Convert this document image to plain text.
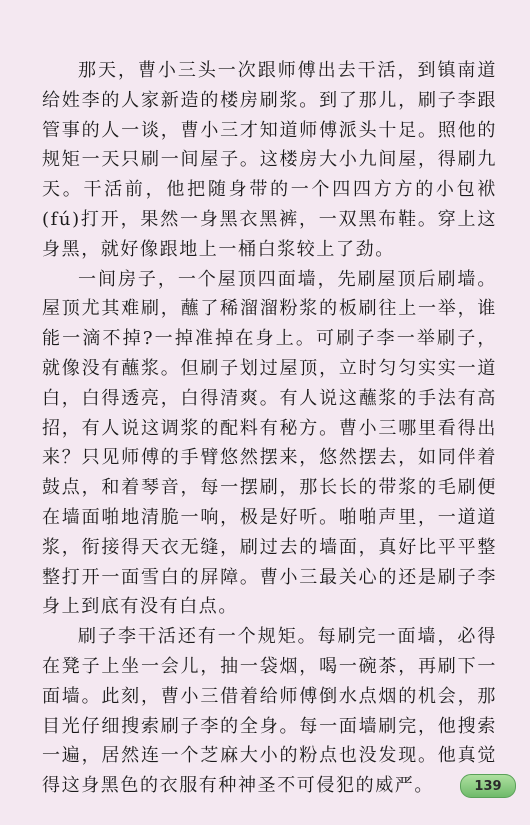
那天，曹小三头一次跟师傅出去干活，到镇南道给姓李的人家新造的楼房刷浆。到了那儿，刷子李跟管事的人一谈，曹小三才知道师傅派头十足。照他的规矩一天只刷一间屋子。这楼房大小九间屋，得刷九天。干活前，他把随身带的一个四四方方的小包袱(fú)打开，果然一身黑衣黑裤，一双黑布鞋。穿上这身黑，就好像跟地上一桶白浆较上了劲。

一间房子，一个屋顶四面墙，先刷屋顶后刷墙。屋顶尤其难刷，蘸了稀溜溜粉浆的板刷往上一举，谁能一滴不掉?一掉准掉在身上。可刷子李一举刷子，就像没有蘸浆。但刷子划过屋顶，立时匀匀实实一道白，白得透亮，白得清爽。有人说这蘸浆的手法有高招，有人说这调浆的配料有秘方。曹小三哪里看得出来？只见师傅的手臂悠然摆来，悠然摆去，如同伴着鼓点，和着琴音，每一摆刷，那长长的带浆的毛刷便在墙面啪地清脆一响，极是好听。啪啪声里，一道道浆，衔接得天衣无缝，刷过去的墙面，真好比平平整整打开一面雪白的屏障。曹小三最关心的还是刷子李身上到底有没有白点。

刷子李干活还有一个规矩。每刷完一面墙，必得在凳子上坐一会儿，抽一袋烟，喝一碗茶，再刷下一面墙。此刻，曹小三借着给师傅倒水点烟的机会，那目光仔细搜索刷子李的全身。每一面墙刷完，他搜索一遍，居然连一个芝麻大小的粉点也没发现。他真觉得这身黑色的衣服有种神圣不可侵犯的威严。	139
